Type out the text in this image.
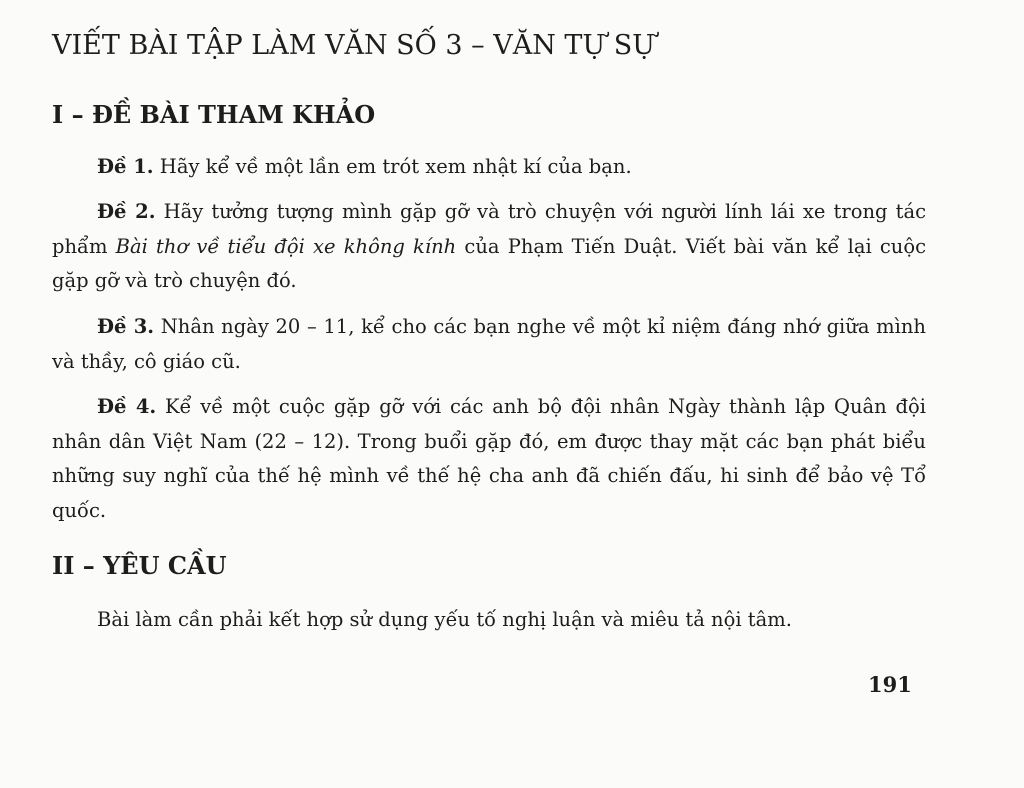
VIẾT BÀI TẬP LÀM VĂN SỐ 3 – VĂN TỰ SỰ
I – ĐỀ BÀI THAM KHẢO

Đề 1. Hãy kể về một lần em trót xem nhật kí của bạn.

Đề 2. Hãy tưởng tượng mình gặp gỡ và trò chuyện với người lính lái xe trong tác phẩm Bài thơ về tiểu đội xe không kính của Phạm Tiến Duật. Viết bài văn kể lại cuộc gặp gỡ và trò chuyện đó.

Đề 3. Nhân ngày 20 – 11, kể cho các bạn nghe về một kỉ niệm đáng nhớ giữa mình và thầy, cô giáo cũ.

Đề 4. Kể về một cuộc gặp gỡ với các anh bộ đội nhân Ngày thành lập Quân đội nhân dân Việt Nam (22 – 12). Trong buổi gặp đó, em được thay mặt các bạn phát biểu những suy nghĩ của thế hệ mình về thế hệ cha anh đã chiến đấu, hi sinh để bảo vệ Tổ quốc.

II – YÊU CẦU

Bài làm cần phải kết hợp sử dụng yếu tố nghị luận và miêu tả nội tâm.

191
